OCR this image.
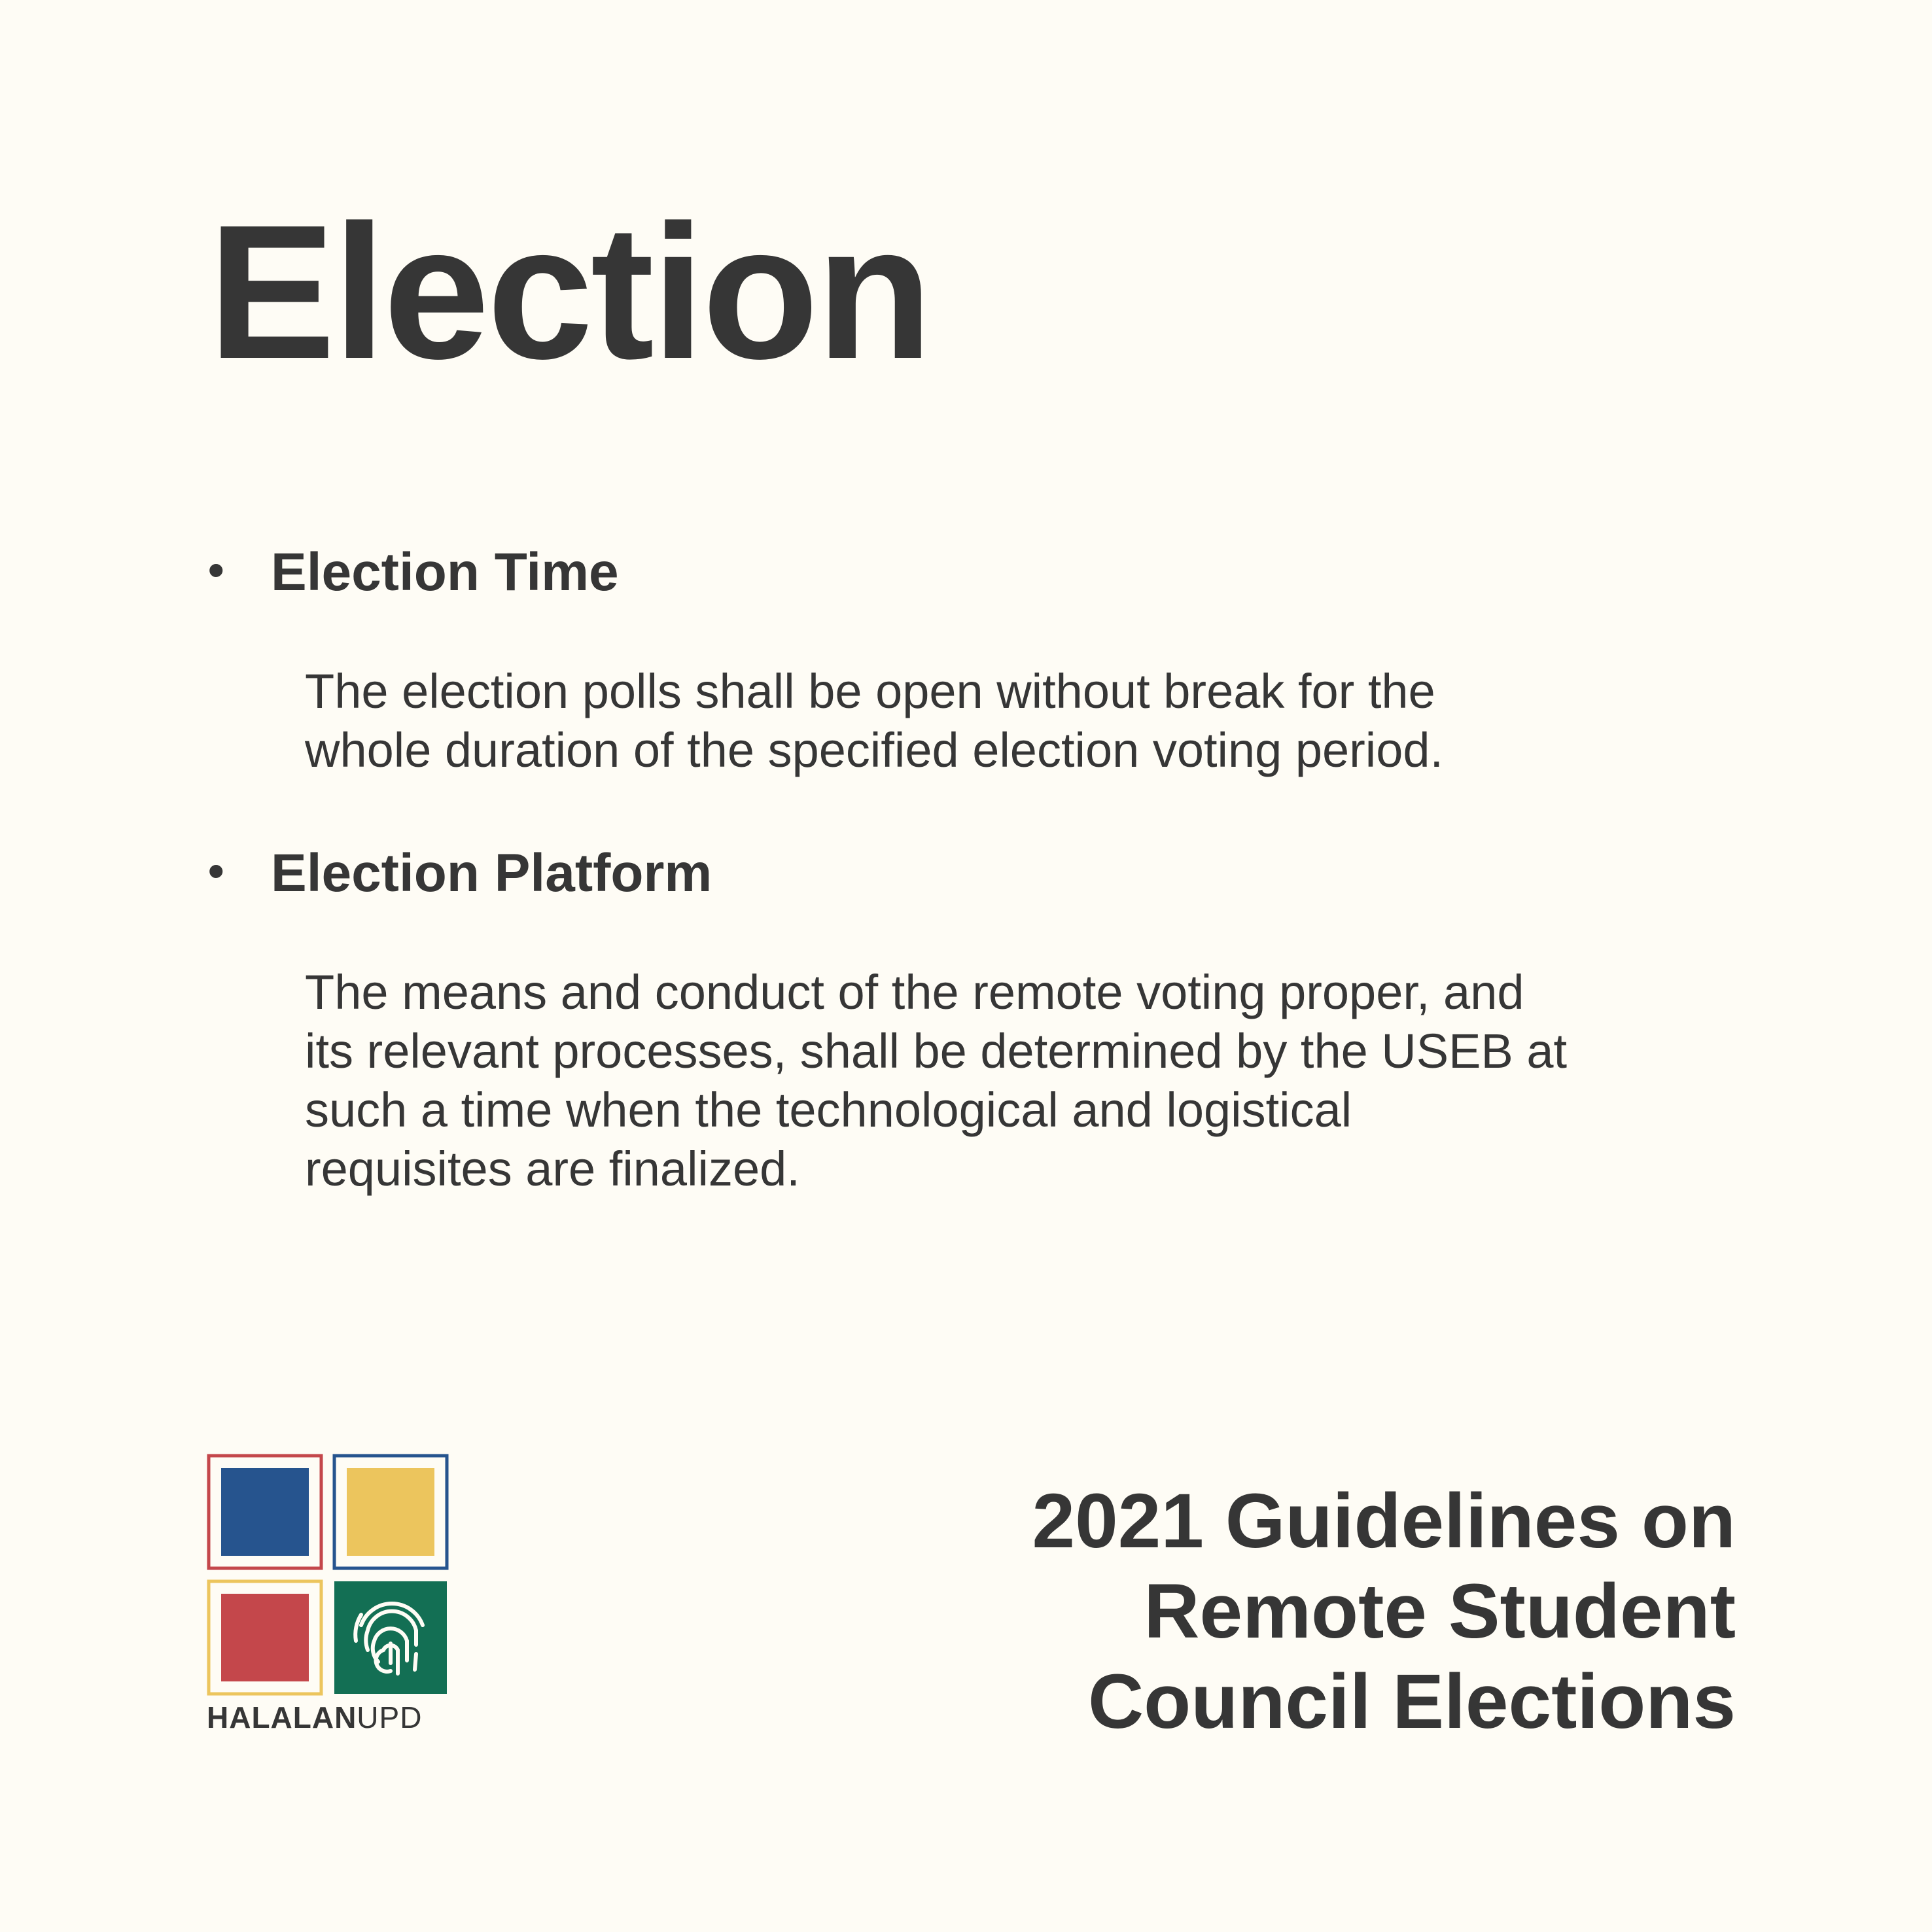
Election
• Election Time

The election polls shall be open without break for the
whole duration of the specified election voting period.

• Election Platform

The means and conduct of the remote voting proper, and
its relevant processes, shall be determined by the USEB at
such a time when the technological and logistical
requisites are finalized.

HALALANUPD
2021 Guidelines on
Remote Student
Council Elections
